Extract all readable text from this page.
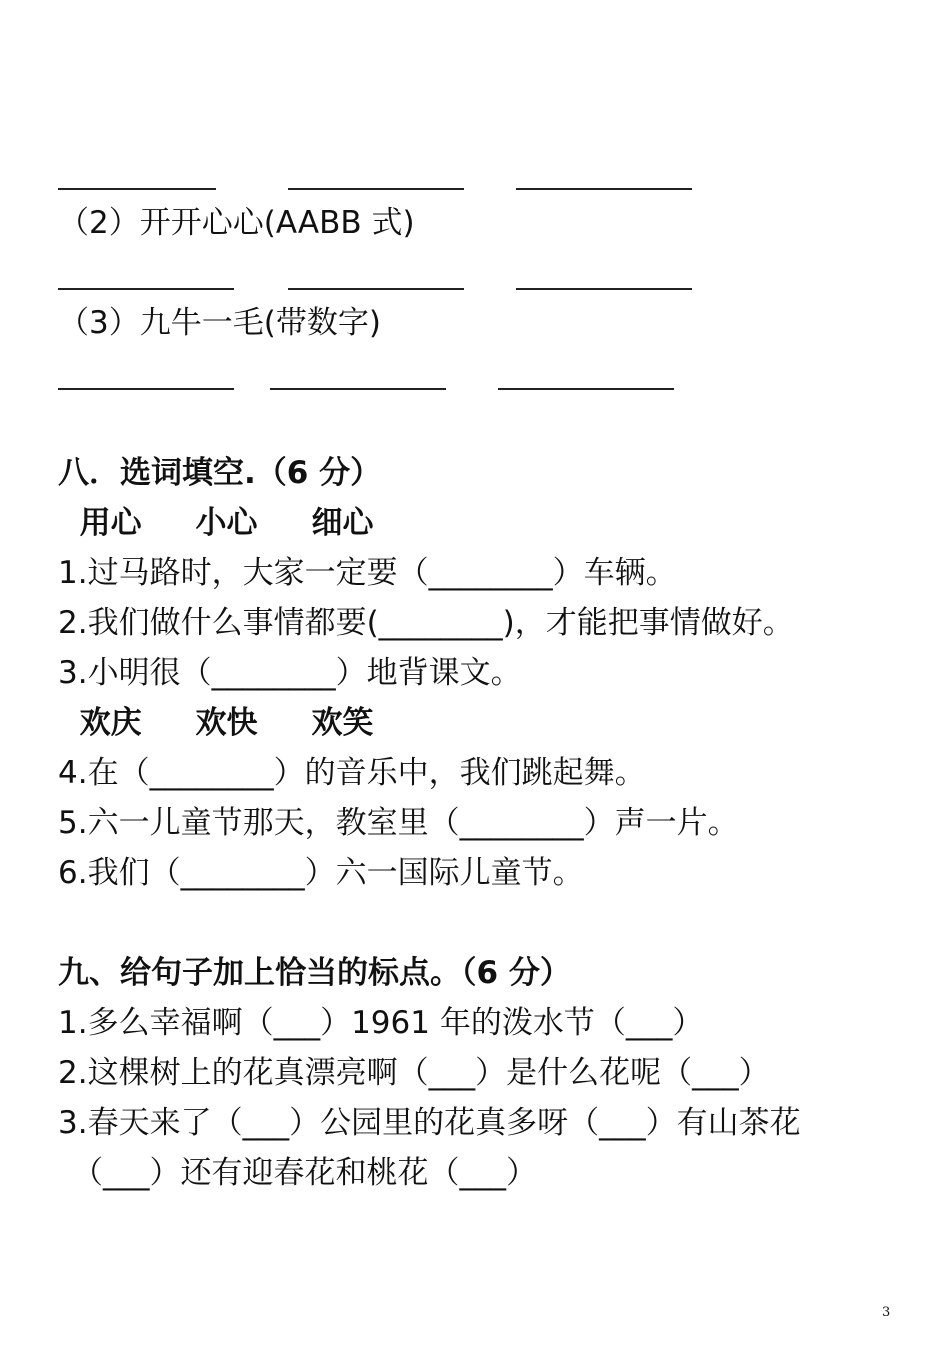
（2）开开心心(AABB 式)
（3）九牛一毛(带数字)
八．选词填空.（6 分）
用心     小心     细心
1.过马路时，大家一定要（________）车辆。
2.我们做什么事情都要(________)，才能把事情做好。
3.小明很（________）地背课文。
欢庆     欢快     欢笑
4.在（________）的音乐中，我们跳起舞。
5.六一儿童节那天，教室里（________）声一片。
6.我们（________）六一国际儿童节。
九、给句子加上恰当的标点。（6 分）
1.多么幸福啊（___）1961 年的泼水节（___）
2.这棵树上的花真漂亮啊（___）是什么花呢（___）
3.春天来了（___）公园里的花真多呀（___）有山茶花
（___）还有迎春花和桃花（___）
3
